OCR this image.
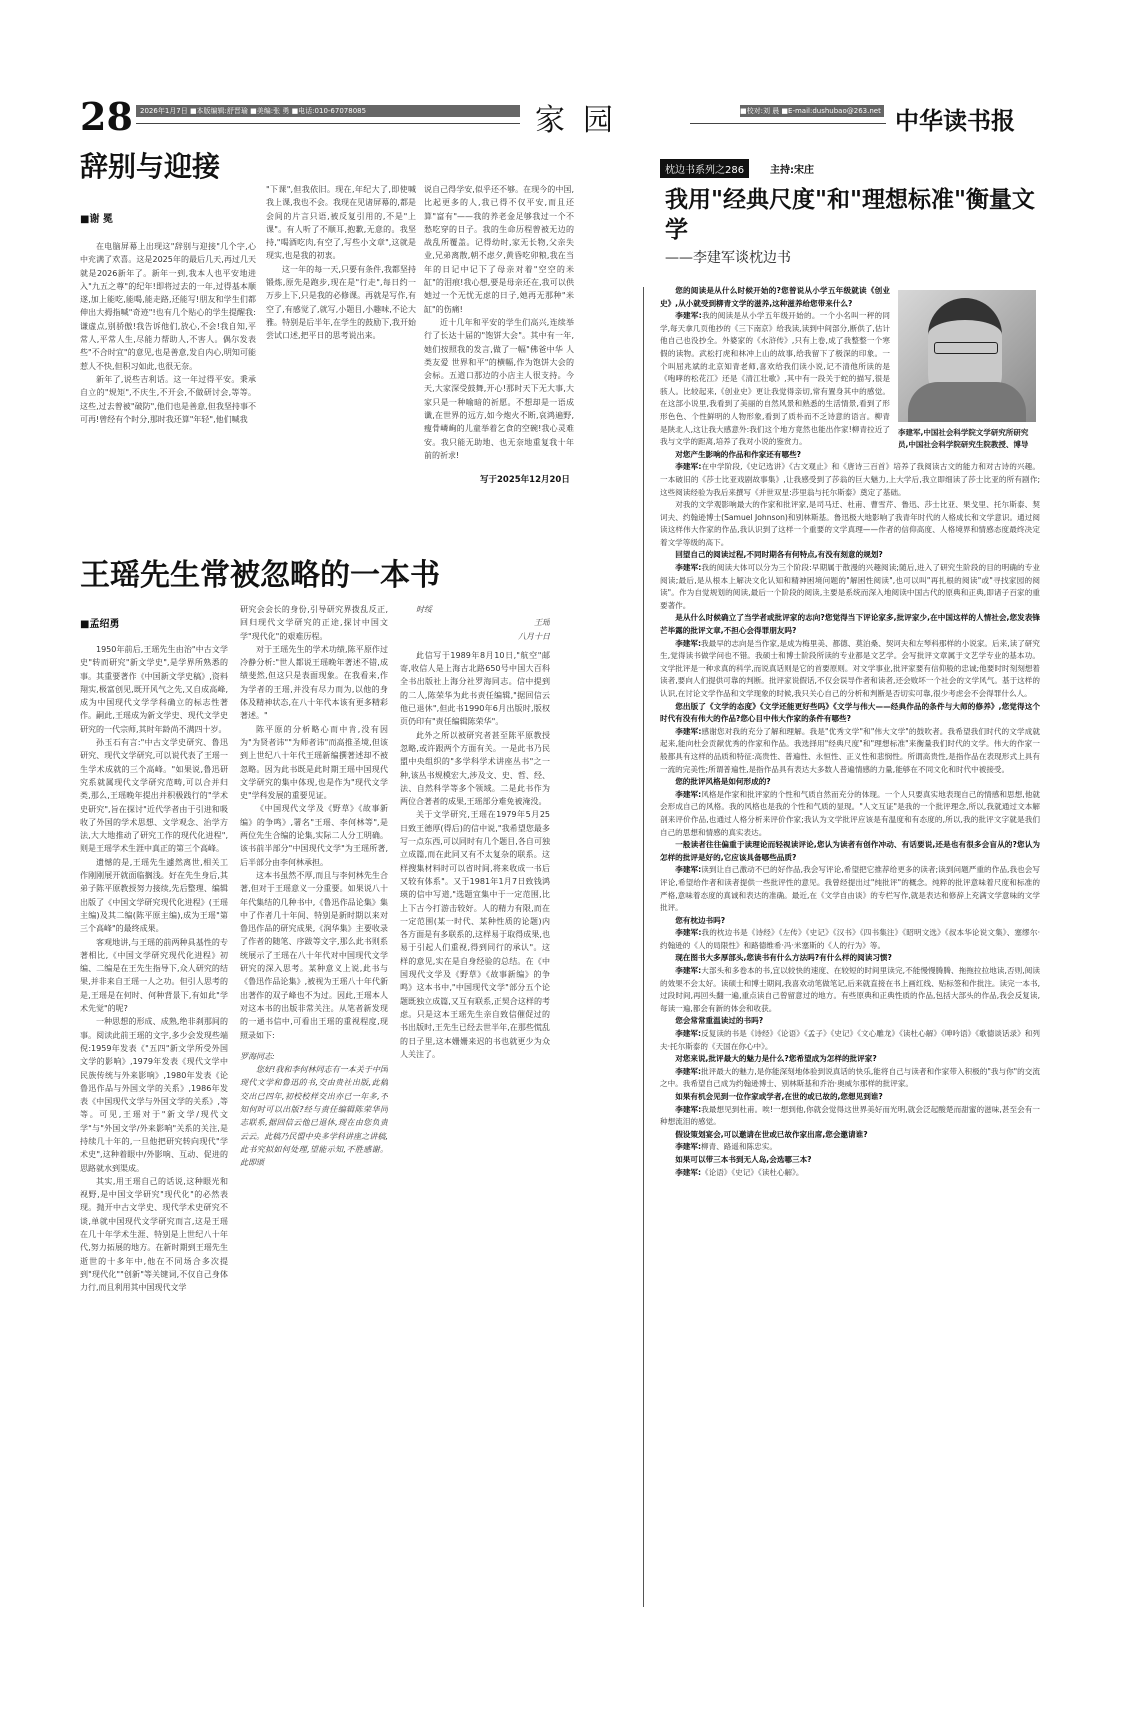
28	2026年1月7日 ■本版编辑:舒晋瑜 ■美编:张 勇 ■电话:010-67078085	家园	■校对:刘 晨 ■E-mail:dushubao@263.net 中华读书报
辞别与迎接
■谢 冕

在电脑屏幕上出现这"辞别与迎接"几个字,心中充满了欢喜。这是2025年的最后几天,再过几天就是2026新年了。新年一到,我本人也平安地进入"九五之尊"的纪年!即将过去的一年,过得基本顺遂,加上能吃,能喝,能走路,还能写!朋友和学生们都伸出大拇指喊"奇迹"!也有几个贴心的学生提醒我:谦虚点,别骄傲!我告诉他们,放心,不会!我自知,平常人,平常人生,尽能力帮助人,不害人。偶尔发表些"不合时宜"的意见,也是善意,发自内心,明知可能惹人不快,但积习如此,也很无奈。

新年了,说些吉利话。这一年过得平安。秉承自立的"规矩",不庆生,不开会,不做研讨会,等等。这些,过去曾被"破防",他们也是善意,但我坚持事不可再!曾经有个时分,那时我还算"年轻",他们喊我

"下课",但我依旧。现在,年纪大了,即使喊我上课,我也不会。我现在见诸屏幕的,都是会间的片言只语,被反复引用的,不是"上课"。有人听了不顺耳,抱歉,无意的。我坚持,"喝酒吃肉,有空了,写些小文章",这就是现实,也是我的初衷。

这一年的每一天,只要有条件,我都坚持锻炼,原先是跑步,现在是"行走",每日约一万步上下,只是我的必修课。再就是写作,有空了,有感觉了,就写,小题目,小趣味,不论大雅。特别是后半年,在学生的鼓励下,我开始尝试口述,把平日的思考说出来。

说自己得学安,似乎还不够。在现今的中国,比起更多的人,我已得不仅平安,而且还算"富有"——我的养老金足够我过一个不愁吃穿的日子。我的生命历程曾被无边的战乱所覆盖。记得幼时,家无长物,父亲失业,兄弟离散,朝不虑夕,黄昏吃卯粮,我在当年的日记中记下了母亲对着"空空的米缸"的泪痕!我心想,要是母亲还在,我可以供她过一个无忧无虑的日子,她再无那种"米缸"的伤痛!

近十几年和平安的学生们高兴,连续举行了长达十届的"饱饼大会"。其中有一年,她们按照我的发言,做了一幅"佛爸中华 人类友爱 世界和平"的横幅,作为饱饼大会的会标。五道口那边的小店主人很支持。今天,大家深受鼓舞,开心!那时天下无大事,大家只是一种喻暗的祈愿。不想却是一语成谶,在世界的远方,如今炮火不断,哀鸿遍野,瘦骨嶙峋的儿童举着乞食的空碗!我心灵难安。我只能无助地、也无奈地重复我十年前的祈求!

写于2025年12月20日
王瑶先生常被忽略的一本书
■孟绍勇

1950年前后,王瑶先生由治"中古文学史"转而研究"新文学史",是学界所熟悉的事。其重要著作《中国新文学史稿》,资料翔实,极富创见,既开风气之先,又自成高峰,成为中国现代文学学科确立的标志性著作。嗣此,王瑶成为新文学史、现代文学史研究的一代宗师,其时年龄尚不满四十岁。

孙玉石有言:"中古文学史研究、鲁迅研究、现代文学研究,可以说代表了王瑶一生学术成就的三个高峰。"如果说,鲁迅研究系就属现代文学研究范畴,可以合并归类,那么,王瑶晚年提出并积极践行的"学术史研究",旨在探讨"近代学者由于引进和吸收了外国的学术思想、文学观念、治学方法,大大地推动了研究工作的现代化进程",则是王瑶学术生涯中真正的第三个高峰。

遗憾的是,王瑶先生遽然离世,相关工作刚刚展开就面临搁浅。好在先生身后,其弟子陈平原教授努力接续,先后整理、编辑出版了《中国文学研究现代化进程》(王瑶主编)及其二编(陈平原主编),成为王瑶"第三个高峰"的最终成果。

客观地讲,与王瑶的前两种具基性的专著相比,《中国文学研究现代化进程》初编、二编是在王先生指导下,众人研究的结果,并非来自王瑶一人之功。但引人思考的是,王瑶是在何时、何种背景下,有如此"学术先觉"的呢?

一种思想的形成、成熟,绝非刹那间的事。阅读此前王瑶的文字,多少会发现些端倪:1959年发表《"五四"新文学所受外国文学的影响》,1979年发表《现代文学中民族传统与外来影响》,1980年发表《论鲁迅作品与外国文学的关系》,1986年发表《中国现代文学与外国文学的关系》,等等。可见,王瑶对于"新文学/现代文学"与"外国文学/外来影响"关系的关注,是持续几十年的,一旦他把研究转向现代"学术史",这种着眼中/外影响、互动、促进的思路就水到渠成。

其实,用王瑶自己的话说,这种眼光和视野,是中国文学研究"现代化"的必然表现。抛开中古文学史、现代学术史研究不谈,单就中国现代文学研究而言,这是王瑶在几十年学术生涯、特别是上世纪八十年代,努力拓展的地方。在新时期到王瑶先生逝世的十多年中,他在不同场合多次提到"现代化""创新"等关键词,不仅自己身体力行,而且利用其中国现代文学

研究会会长的身份,引导研究界拨乱反正,回归现代文学研究的正途,探讨中国文学"现代化"的艰难历程。

对于王瑶先生的学术功绩,陈平原作过冷静分析:"世人都说王瑶晚年著述不错,成绩斐然,但这只是表面现象。在我看来,作为学者的王瑶,并没有尽力而为,以他的身体及精神状态,在八十年代本该有更多精彩著述。"

陈平原的分析略心而中肯,没有因为"为贤者讳""为师者讳"而高推圣境,但该到上世纪八十年代王瑶新编撰著述却不被忽略。因为此书既是此时期王瑶中国现代文学研究的集中体现,也是作为"现代文学史"学科发展的重要见证。

《中国现代文学及《野草》《故事新编》的争鸣》,署名"王瑶、李何林等",是两位先生合编的论集,实际二人分工明确。该书前半部分"中国现代文学"为王瑶所著,后半部分由李何林承担。

这本书虽然不厚,而且与李何林先生合著,但对于王瑶意义一分重要。如果说八十年代集结的几种书中,《鲁迅作品论集》集中了作者几十年间、特别是新时期以来对鲁迅作品的研究成果,《润华集》主要收录了作者的随笔、序跋等文字,那么此书则系统展示了王瑶在八十年代对中国现代文学研究的深入思考。某种意义上说,此书与《鲁迅作品论集》,被视为王瑶八十年代新出著作的双子峰也不为过。因此,王瑶本人对这本书的出版非常关注。从笔者新发现的一通书信中,可看出王瑶的重视程度,现照录如下:

罗海同志:

您好!我和李何林同志有一本关于中国现代文学和鲁迅的书,交由贵社出版,此稿交出已四年,初校校样交出亦已一年多,不知何时可以出版?经与责任编辑陈荣华同志联系,据回信云他已退休,现在由您负责云云。此稿乃民盟中央多学科讲座之讲稿,此书究拟如何处理,望能示知,不胜感谢。此即颂

时绥

王瑶

八月十日

此信写于1989年8月10日,"航空"邮寄,收信人是上海古北路650号中国大百科全书出版社上海分社罗海同志。信中提到的二人,陈荣华为此书责任编辑,"据回信云他已退休",但此书1990年6月出版时,版权页仍印有"责任编辑陈荣华"。

此外之所以被研究者甚至陈平原教授忽略,或许跟两个方面有关。一是此书乃民盟中央组织的"多学科学术讲座丛书"之一种,该丛书规模宏大,涉及文、史、哲、经、法、自然科学等多个领域。二是此书作为两位合著者的成果,王瑶部分难免被淹没。

关于文学研究,王瑶在1979年5月25日致王德厚(得后)的信中说,"我希望您最多写一点东西,可以同时有几个题目,各自可独立成篇,而在此同又有不太复杂的联系。这样搜集材料时可以省时间,将来收成一书后又较有体系"。又于1981年1月7日致钱鸿瑛的信中写道,"选题宜集中于一定范围,比上下古今打游击较好。人的精力有限,而在一定范围(某一时代、某种性质的论题)内各方面是有多联系的,这样易于取得成果,也易于引起人们重视,得到同行的承认"。这样的意见,实在是自身经验的总结。在《中国现代文学及《野草》《故事新编》的争鸣》这本书中,"中国现代文学"部分五个论题既独立成篇,又互有联系,正契合这样的考虑。只是这本王瑶先生亲自致信催促过的书出版时,王先生已经去世半年,在那些慌乱的日子里,这本姗姗来迟的书也就更少为众人关注了。

枕边书系列之286	主持:宋庄
我用"经典尺度"和"理想标准"衡量文学
——李建军谈枕边书
李建军,中国社会科学院文学研究所研究员,中国社会科学院研究生院教授、博导

您的阅读是从什么时候开始的?您曾说从小学五年级就读《创业史》,从小就受到柳青文学的滋养,这种滋养给您带来什么?

李建军:我的阅读是从小学五年级开始的。一个小名叫一秤的同学,每天拿几页他抄的《三下南京》给我读,读到中间部分,断供了,估计他自己也没抄全。外婆家的《水浒传》,只有上卷,成了我整整一个寒假的读物。武松打虎和林冲上山的故事,给我留下了极深的印象。一个叫屈兆斌的北京知青老师,喜欢给我们读小说,记不清他所读的是《咆哮的松花江》还是《清江壮歌》,其中有一段关于蛇的描写,很是骇人。比较起来,《创业史》更让我觉得亲切,常有置身其中的感觉。在这部小说里,我看到了美丽的自然风景和熟悉的生活情景,看到了形形色色、个性鲜明的人物形象,看到了质朴而不乏诗意的语言。柳青是陕北人,这让我大感意外:我们这个地方竟然也能出作家!柳青拉近了我与文学的距离,培养了我对小说的鉴赏力。

对您产生影响的作品和作家还有哪些?

李建军:在中学阶段,《史记选讲》《古文观止》和《唐诗三百首》培养了我阅读古文的能力和对古诗的兴趣。一本破旧的《莎士比亚戏剧故事集》,让我感受到了莎翁的巨大魅力,上大学后,我立即细读了莎士比亚的所有剧作;这些阅读经验为我后来撰写《并世双星:莎里翁与托尔斯泰》奠定了基础。

对我的文学观影响最大的作家和批评家,是司马迁、杜甫、曹雪芹、鲁迅、莎士比亚、果戈里、托尔斯泰、契诃夫、约翰逊博士(Samuel Johnson)和别林斯基。鲁迅极大地影响了我青年时代的人格成长和文学意识。通过阅读这样伟大作家的作品,我认识到了这样一个重要的文学真理——作者的信仰高度、人格境界和情感态度最终决定着文学等级的高下。

回望自己的阅读过程,不同时期各有何特点,有没有刻意的规划?

李建军:我的阅读大体可以分为三个阶段:早期属于散漫的兴趣阅读;随后,进入了研究生阶段的目的明确的专业阅读;最后,是从根本上解决文化认知和精神困境问题的"解困性阅读",也可以叫"再扎根的阅读"或"寻找家园的阅读"。作为自觉规划的阅读,最后一个阶段的阅读,主要是系统而深入地阅读中国古代的原典和正典,即诸子百家的重要著作。

是从什么时候确立了当学者或批评家的志向?您觉得当下评论家多,批评家少,在中国这样的人情社会,您发表锋芒毕露的批评文章,不担心会得罪朋友吗?

李建军:我最早的志向是当作家,是成为梅里美、都德、莫泊桑、契诃夫和左琴科那样的小说家。后来,读了研究生,觉得读书做学问也不错。我硕士和博士阶段所读的专业都是文艺学。会写批评文章属于文艺学专业的基本功。文学批评是一种求真的科学,而说真话则是它的首要原则。对文学事业,批评家要有信仰般的忠诚;他要时时刻刻想着读者,要向人们提供可靠的判断。批评家说假话,不仅会误导作者和读者,还会败坏一个社会的文学风气。基于这样的认识,在讨论文学作品和文学现象的时候,我只关心自己的分析和判断是否切实可靠,很少考虑会不会得罪什么人。

您出版了《文学的态度》《文学还能更好些吗》《文学与伟大——经典作品的条件与大师的修养》,您觉得这个时代有没有伟大的作品?您心目中伟大作家的条件有哪些?

李建军:感谢您对我的充分了解和理解。我是"优秀文学"和"伟大文学"的鼓吹者。我希望我们时代的文学成就起来,能向杜会贡献优秀的作家和作品。我选择用"经典尺度"和"理想标准"来衡量我们时代的文学。伟大的作家一般都具有这样的品质和特征:高贵性、普遍性、永恒性、正义性和悲悯性。所谓高贵性,是指作品在表现形式上具有一流的完美性;所谓普遍性,是指作品具有表达大多数人普遍情感的力量,能够在不同文化和时代中被接受。

您的批评风格是如何形成的?

李建军:风格是作家和批评家的个性和气质自然而充分的体现。一个人只要真实地表现自己的情感和思想,他就会形成自己的风格。我的风格也是我的个性和气质的显现。"人文互证"是我的一个批评理念,所以,我就通过文本解剖来评价作品,也通过人格分析来评价作家;我认为文学批评应该是有温度和有态度的,所以,我的批评文字就是我们自己的思想和情感的真实表达。

一般读者往往偏重于读理论而轻视读评论,您认为读者有创作冲动、有话要说,还是也有很多会盲从的?您认为怎样的批评是好的,它应该具备哪些品质?

李建军:读到让自己激动不已的好作品,我会写评论,希望把它推荐给更多的读者;读到问题严重的作品,我也会写评论,希望给作者和读者提供一些批评性的意见。我曾经提出过"纯批评"的概念。纯粹的批评意味着尺度和标准的严格,意味着态度的真诚和表达的准确。最近,在《文学自由谈》的专栏写作,就是表达和修辞上充满文学意味的文学批评。

您有枕边书吗?

李建军:我的枕边书是《诗经》《左传》《史记》《汉书》《四书集注》《昭明文选》《叔本华论说文集》、塞缪尔·约翰逊的《人的局限性》和路德维希·冯·米塞斯的《人的行为》等。

现在图书大多厚部头,您读书有什么方法吗?有什么样的阅读习惯?

李建军:大部头和多卷本的书,宜以较快的速度、在较短的时间里读完,不能慢慢腾腾、拖拖拉拉地读,否则,阅读的效果不会太好。读硕士和博士期间,我喜欢动笔做笔记,后来就直接在书上画红线、贴标签和作批注。读完一本书,过段时间,再回头翻一遍,重点读自己曾留意过的地方。有些原典和正典性质的作品,包括大部头的作品,我会反复读,每读一遍,都会有新的体会和收获。

您会常常重温读过的书吗?

李建军:反复读的书是《诗经》《论语》《孟子》《史记》《文心雕龙》《读杜心解》《呻吟语》《歌德谈话录》和列夫·托尔斯泰的《天国在你心中》。

对您来说,批评最大的魅力是什么?您希望成为怎样的批评家?

李建军:批评最大的魅力,是你能深刻地体验到说真话的快乐,能将自己与读者和作家带入积极的"我与你"的交流之中。我希望自己成为约翰逊博士、别林斯基和乔治·奥威尔那样的批评家。

如果有机会见到一位作家或学者,在世的或已故的,您想见到谁?

李建军:我最想见到杜甫。唉!一想到他,你就会觉得这世界美好而光明,就会泛起酸楚而甜蜜的滋味,甚至会有一种想流泪的感觉。

假设策划宴会,可以邀请在世或已故作家出席,您会邀请谁?

李建军:柳青、路遥和陈忠实。

如果可以带三本书到无人岛,会选哪三本?

李建军:《论语》《史记》《读杜心解》。
